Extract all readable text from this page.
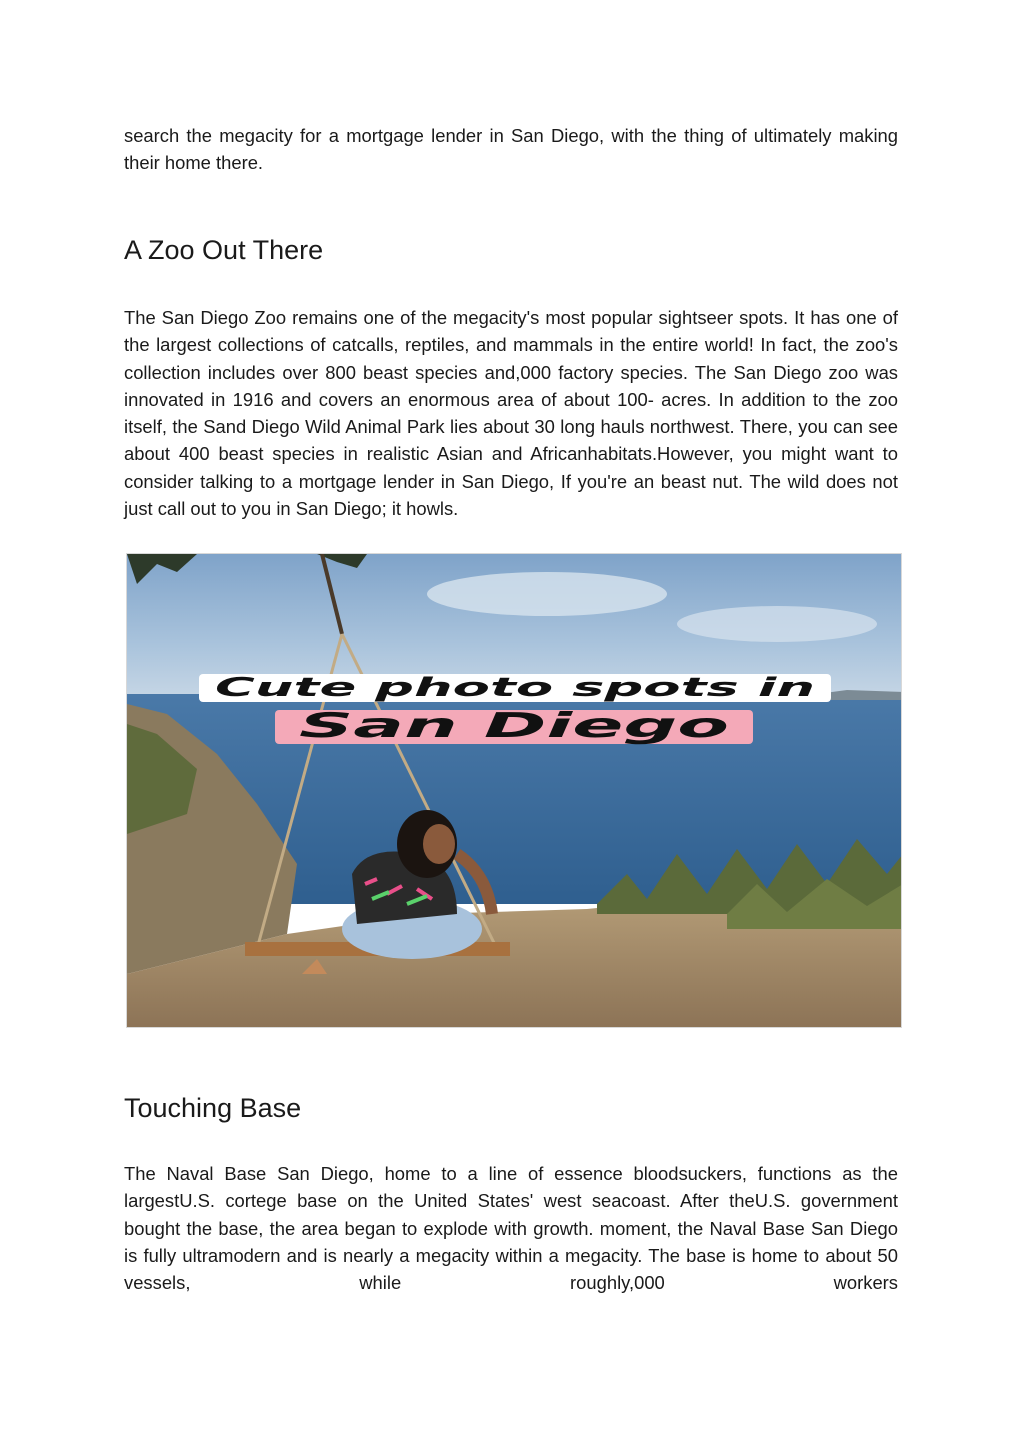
search the megacity for a mortgage lender in San Diego, with the thing of ultimately making their home there.

A Zoo Out There

The San Diego Zoo remains one of the megacity's most popular sightseer spots. It has one of the largest collections of catcalls, reptiles, and mammals in the entire world! In fact, the zoo's collection includes over 800 beast species and,000 factory species. The San Diego zoo was innovated in 1916 and covers an enormous area of about 100- acres. In addition to the zoo itself, the Sand Diego Wild Animal Park lies about 30 long hauls northwest. There, you can see about 400 beast species in realistic Asian and Africanhabitats.However, you might want to consider talking to a mortgage lender in San Diego, If you're an beast nut. The wild does not just call out to you in San Diego; it howls.

Cute photo spots in
San Diego
Touching Base

The Naval Base San Diego, home to a line of essence bloodsuckers, functions as the largestU.S. cortege base on the United States' west seacoast. After theU.S. government bought the base, the area began to explode with growth. moment, the Naval Base San Diego is fully ultramodern and is nearly a megacity within a megacity. The base is home to about 50 vessels, while roughly,000 workers
